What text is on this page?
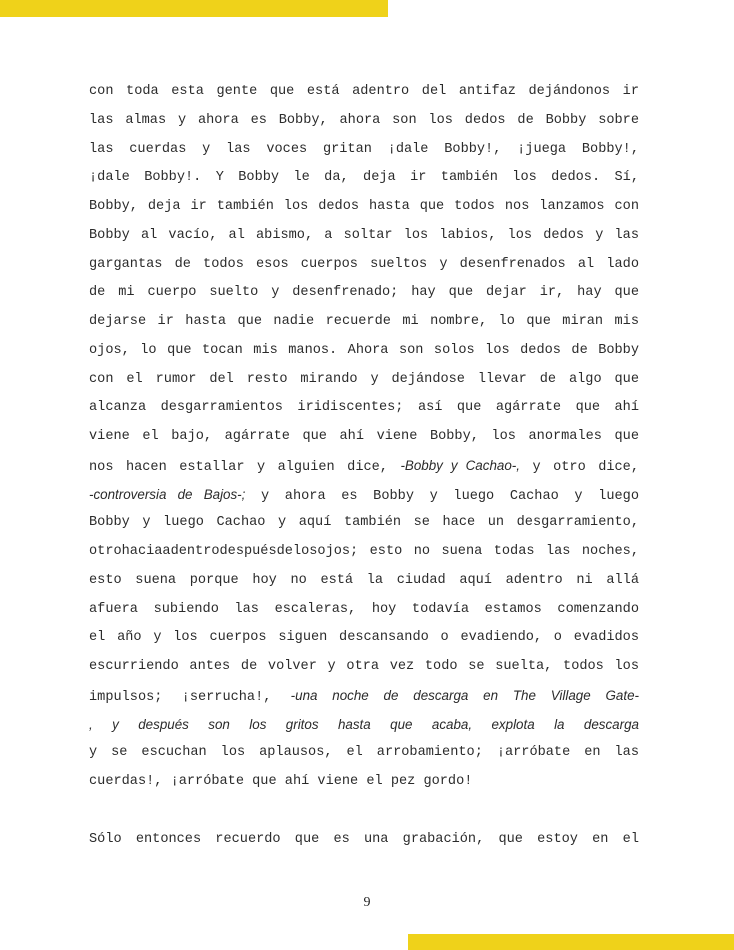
con toda esta gente que está adentro del antifaz dejándonos ir
las almas y ahora es Bobby, ahora son los dedos de Bobby sobre
las cuerdas y las voces gritan ¡dale Bobby!, ¡juega Bobby!,
¡dale Bobby!. Y Bobby le da, deja ir también los dedos. Sí,
Bobby, deja ir también los dedos hasta que todos nos lanzamos con
Bobby al vacío, al abismo, a soltar los labios, los dedos y las
gargantas de todos esos cuerpos sueltos y desenfrenados al lado
de mi cuerpo suelto y desenfrenado; hay que dejar ir, hay que
dejarse ir hasta que nadie recuerde mi nombre, lo que miran mis
ojos, lo que tocan mis manos. Ahora son solos los dedos de Bobby
con el rumor del resto mirando y dejándose llevar de algo que
alcanza desgarramientos iridiscentes; así que agárrate que ahí
viene el bajo, agárrate que ahí viene Bobby, los anormales que
nos hacen estallar y alguien dice, -Bobby y Cachao-, y otro dice,
-controversia de Bajos-; y ahora es Bobby y luego Cachao y luego
Bobby y luego Cachao y aquí también se hace un desgarramiento,
otrohaciaadentrodespuésdelosojos; esto no suena todas las noches,
esto suena porque hoy no está la ciudad aquí adentro ni allá
afuera subiendo las escaleras, hoy todavía estamos comenzando
el año y los cuerpos siguen descansando o evadiendo, o evadidos
escurriendo antes de volver y otra vez todo se suelta, todos los
impulsos; ¡serrucha!, -una noche de descarga en The Village Gate-
, y después son los gritos hasta que acaba, explota la descarga
y se escuchan los aplausos, el arrobamiento; ¡arróbate en las
cuerdas!, ¡arróbate que ahí viene el pez gordo!
Sólo entonces recuerdo que es una grabación, que estoy en el
9
